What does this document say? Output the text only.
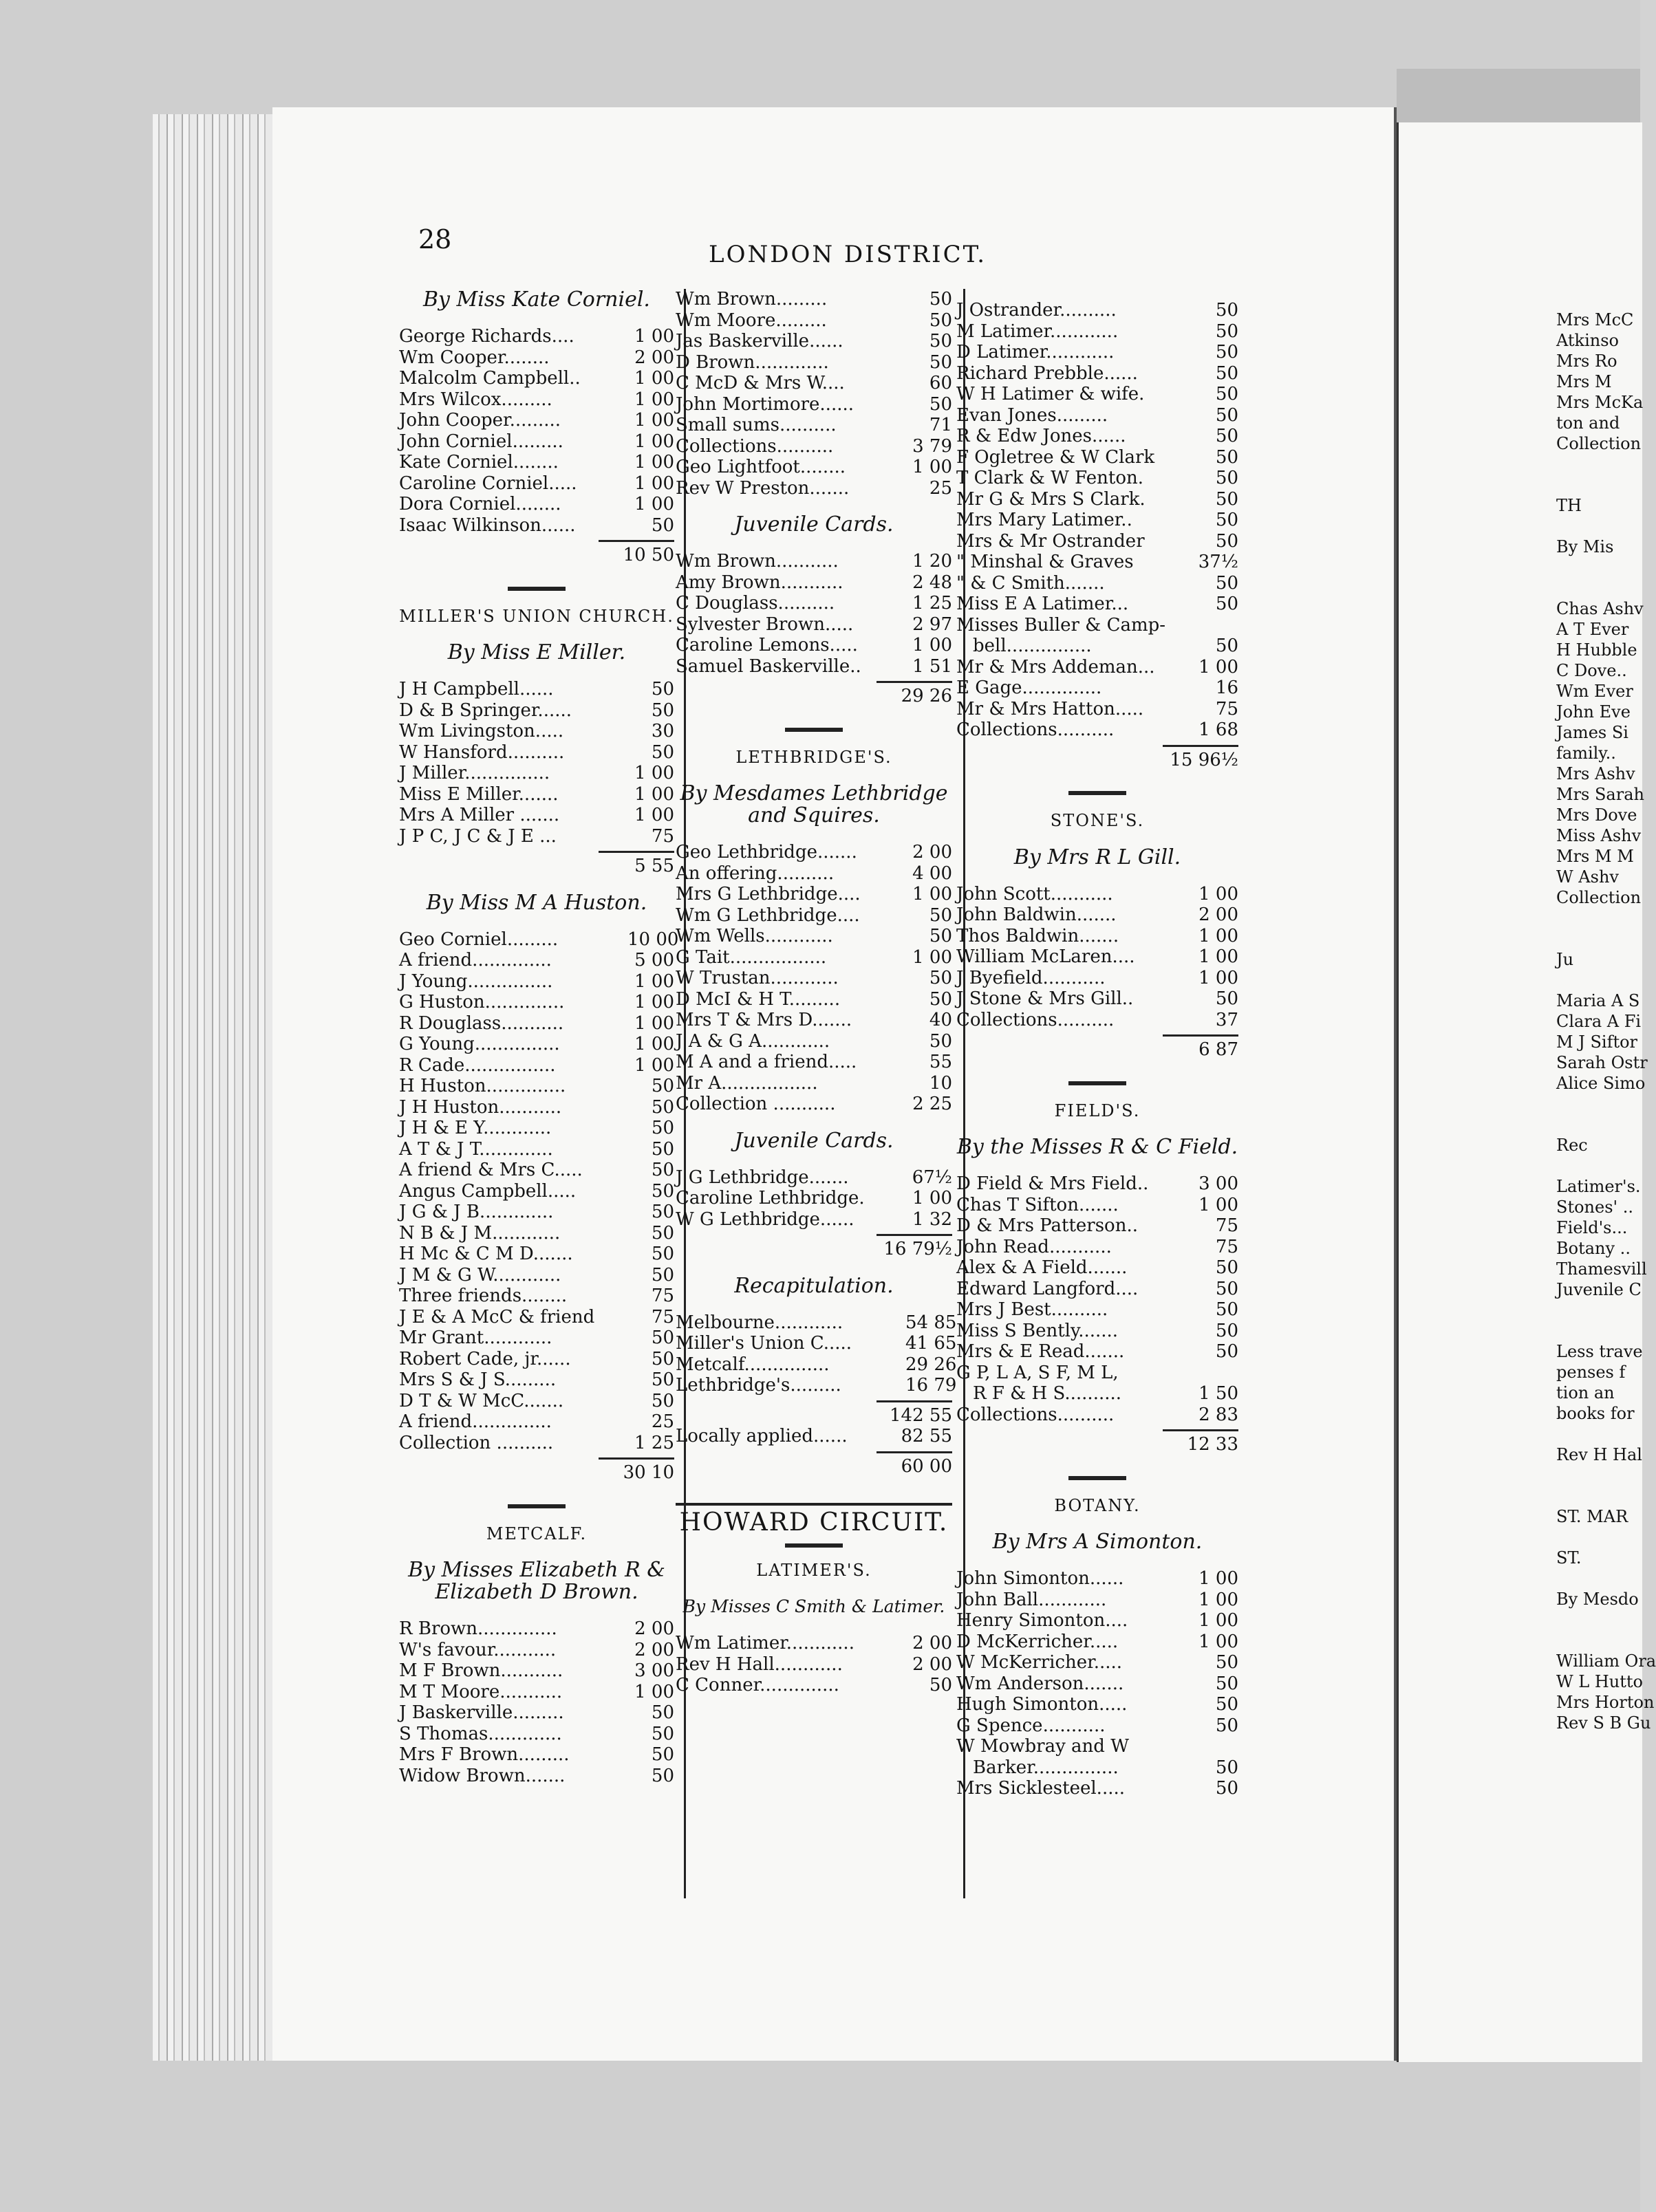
28	LONDON DISTRICT.
By Miss Kate Corniel.
George Richards....	1 00
Wm Cooper........	2 00
Malcolm Campbell..	1 00
Mrs Wilcox.........	1 00
John Cooper.........	1 00
John Corniel.........	1 00
Kate Corniel........	1 00
Caroline Corniel.....	1 00
Dora Corniel........	1 00
Isaac Wilkinson......	50
10 50
MILLER'S UNION CHURCH.
By Miss E Miller.
J H Campbell......	50
D & B Springer......	50
Wm Livingston.....	30
W Hansford..........	50
J Miller...............	1 00
Miss E Miller.......	1 00
Mrs A Miller .......	1 00
J P C, J C & J E ...	75
5 55
By Miss M A Huston.
Geo Corniel.........	10 00
A friend..............	5 00
J Young...............	1 00
G Huston..............	1 00
R Douglass...........	1 00
G Young...............	1 00
R Cade................	1 00
H Huston..............	50
J H Huston...........	50
J H & E Y............	50
A T & J T.............	50
A friend & Mrs C.....	50
Angus Campbell.....	50
J G & J B.............	50
N B & J M............	50
H Mc & C M D.......	50
J M & G W............	50
Three friends........	75
J E & A McC & friend	75
Mr Grant............	50
Robert Cade, jr......	50
Mrs S & J S.........	50
D T & W McC.......	50
A friend..............	25
Collection ..........	1 25
30 10
METCALF.
By Misses Elizabeth R & Elizabeth D Brown.
R Brown..............	2 00
W's favour...........	2 00
M F Brown...........	3 00
M T Moore...........	1 00
J Baskerville.........	50
S Thomas.............	50
Mrs F Brown.........	50
Widow Brown.......	50
Wm Brown.........	50
Wm Moore.........	50
Jas Baskerville......	50
D Brown.............	50
C McD & Mrs W....	60
John Mortimore......	50
Small sums..........	71
Collections..........	3 79
Geo Lightfoot........	1 00
Rev W Preston.......	25
Juvenile Cards.
Wm Brown...........	1 20
Amy Brown...........	2 48
C Douglass..........	1 25
Sylvester Brown.....	2 97
Caroline Lemons.....	1 00
Samuel Baskerville..	1 51
29 26
LETHBRIDGE'S.
By Mesdames Lethbridge and Squires.
Geo Lethbridge.......	2 00
An offering..........	4 00
Mrs G Lethbridge....	1 00
Wm G Lethbridge....	50
Wm Wells............	50
G Tait.................	1 00
W Trustan............	50
D McI & H T.........	50
Mrs T & Mrs D.......	40
J A & G A............	50
M A and a friend.....	55
Mr A.................	10
Collection ...........	2 25
Juvenile Cards.
J G Lethbridge.......	67½
Caroline Lethbridge.	1 00
W G Lethbridge......	1 32
16 79½
Recapitulation.
Melbourne............	54 85
Miller's Union C.....	41 65
Metcalf...............	29 26
Lethbridge's.........	16 79
142 55
Locally applied......	82 55
60 00
HOWARD CIRCUIT.
LATIMER'S.
By Misses C Smith & Latimer.
Wm Latimer............	2 00
Rev H Hall............	2 00
C Conner..............	50
J Ostrander..........	50
M Latimer............	50
D Latimer............	50
Richard Prebble......	50
W H Latimer & wife.	50
Evan Jones.........	50
R & Edw Jones......	50
F Ogletree & W Clark	50
T Clark & W Fenton.	50
Mr G & Mrs S Clark.	50
Mrs Mary Latimer..	50
Mrs & Mr Ostrander	50
" Minshal & Graves	37½
" & C Smith.......	50
Miss E A Latimer...	50
Misses Buller & Camp-
bell...............	50
Mr & Mrs Addeman...	1 00
E Gage..............	16
Mr & Mrs Hatton.....	75
Collections..........	1 68
15 96½
STONE'S.
By Mrs R L Gill.
John Scott...........	1 00
John Baldwin.......	2 00
Thos Baldwin.......	1 00
William McLaren....	1 00
J Byefield...........	1 00
J Stone & Mrs Gill..	50
Collections..........	37
6 87
FIELD'S.
By the Misses R & C Field.
D Field & Mrs Field..	3 00
Chas T Sifton.......	1 00
D & Mrs Patterson..	75
John Read...........	75
Alex & A Field.......	50
Edward Langford....	50
Mrs J Best..........	50
Miss S Bently.......	50
Mrs & E Read.......	50
G P, L A, S F, M L,
R F & H S..........	1 50
Collections..........	2 83
12 33
BOTANY.
By Mrs A Simonton.
John Simonton......	1 00
John Ball............	1 00
Henry Simonton....	1 00
D McKerricher.....	1 00
W McKerricher.....	50
Wm Anderson.......	50
Hugh Simonton.....	50
G Spence...........	50
W Mowbray and W
Barker...............	50
Mrs Sicklesteel.....	50
Mrs McC
Atkinso
Mrs Ro
Mrs M
Mrs McKa
ton and
Collection

TH

By Mis

Chas Ashv
A T Ever
H Hubble
C Dove..
Wm Ever
John Eve
James Si
family..
Mrs Ashv
Mrs Sarah
Mrs Dove
Miss Ashv
Mrs M M
W Ashv
Collection

Ju

Maria A S
Clara A Fi
M J Siftor
Sarah Ostr
Alice Simo

Rec

Latimer's.
Stones' ..
Field's...
Botany ..
Thamesvill
Juvenile C

Less trave
penses f
tion an
books for

Rev H Hal

ST. MAR

ST.

By Mesdo

William Ora
W L Hutto
Mrs Horton
Rev S B Gu
